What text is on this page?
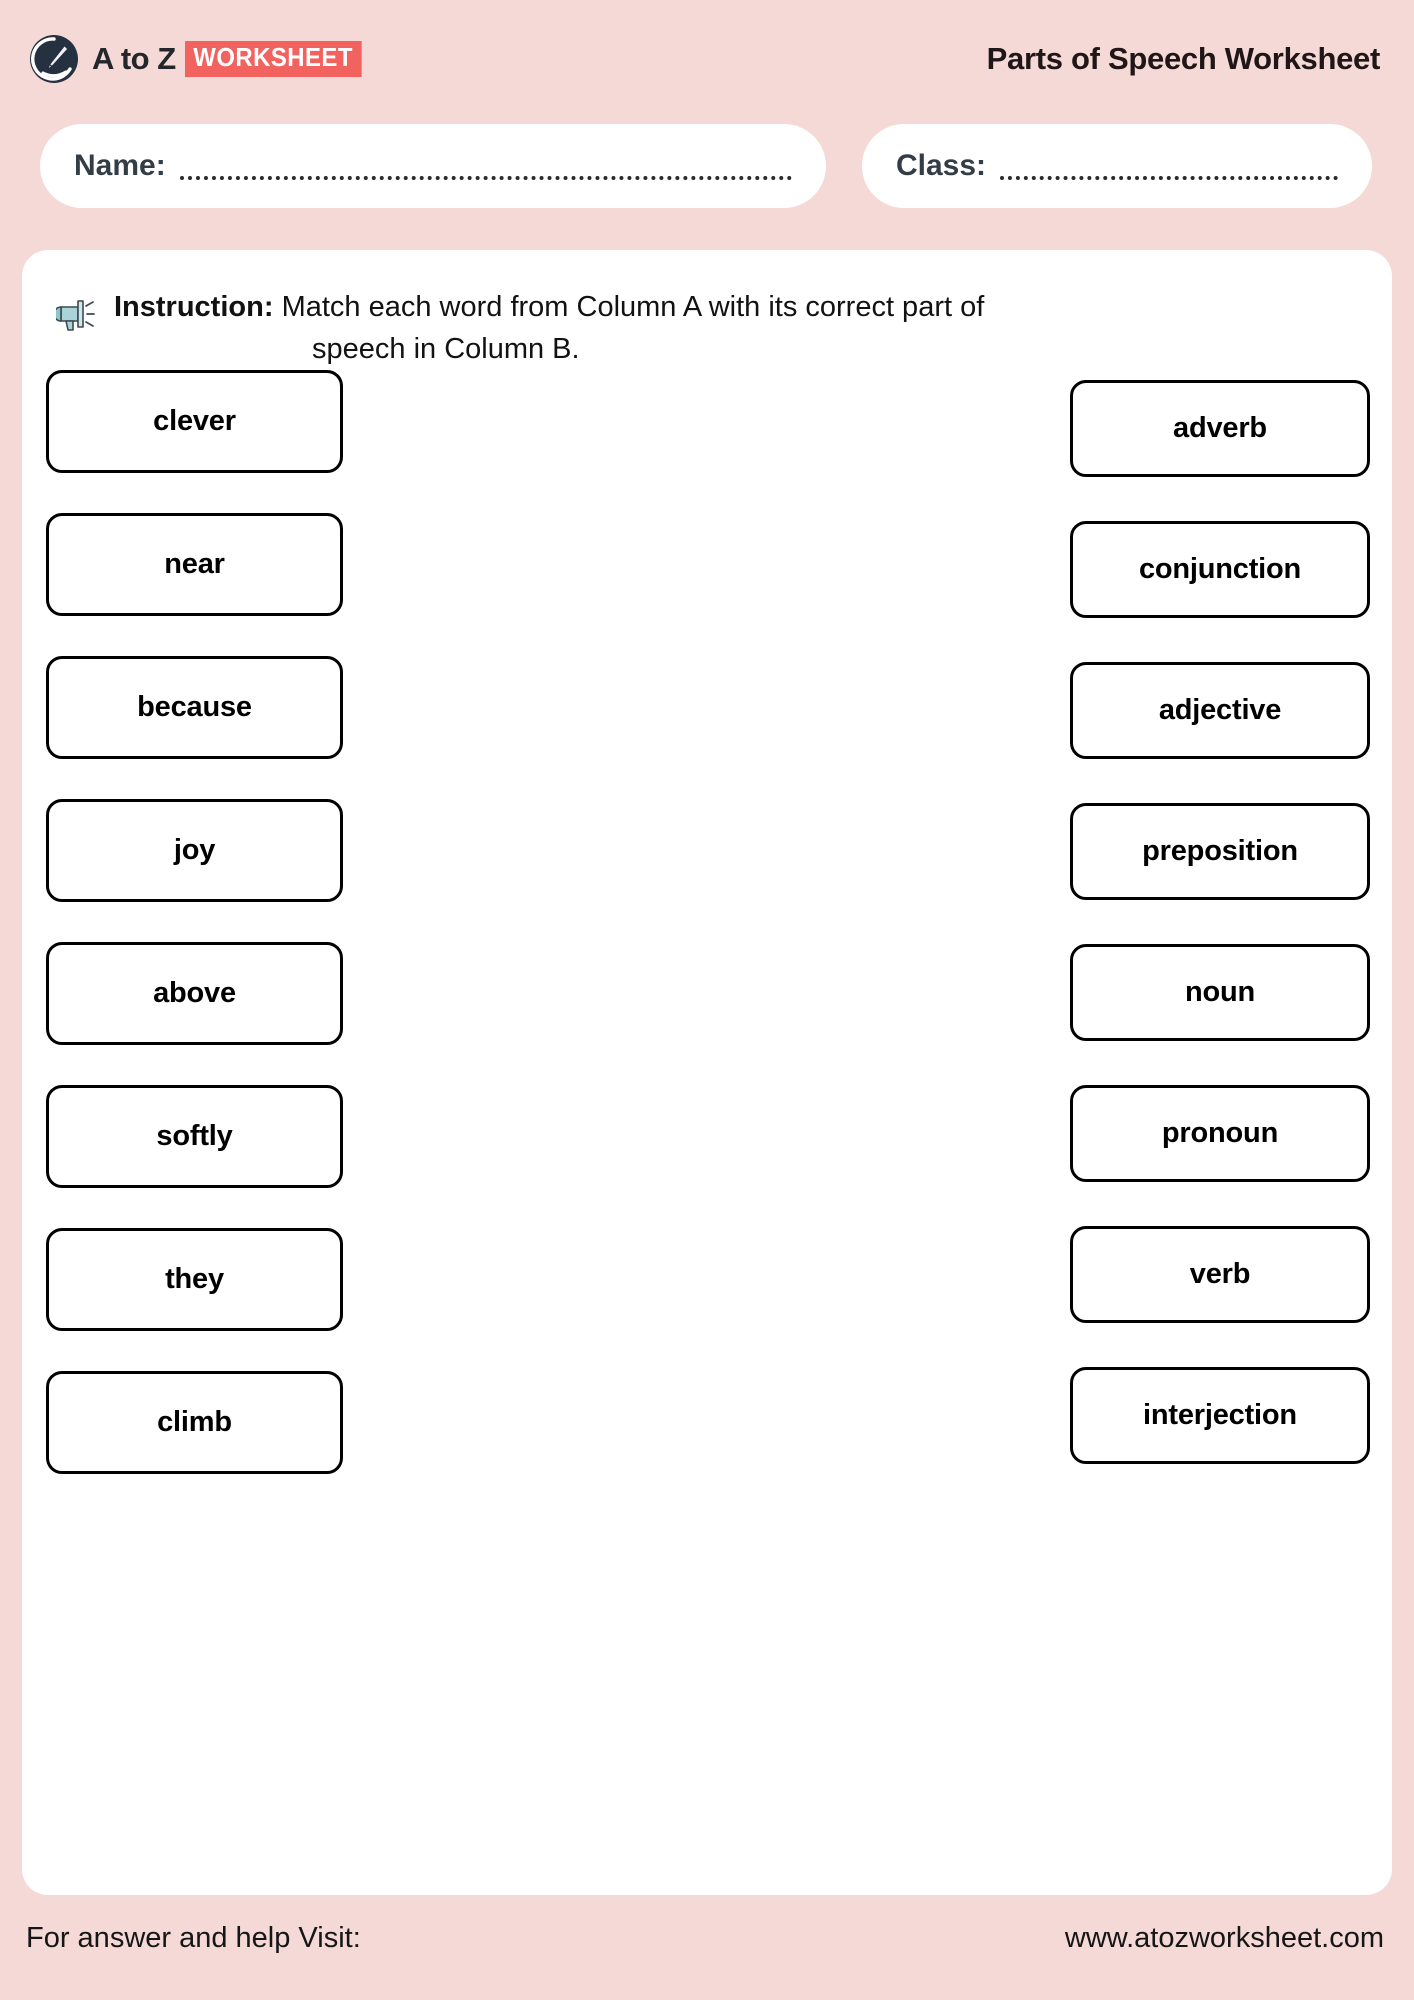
A to Z WORKSHEET	Parts of Speech Worksheet
Name:	Class:
Instruction: Match each word from Column A with its correct part of
speech in Column B.
clever
near
because
joy
above
softly
they
climb
adverb
conjunction
adjective
preposition
noun
pronoun
verb
interjection
For answer and help Visit:	www.atozworksheet.com
